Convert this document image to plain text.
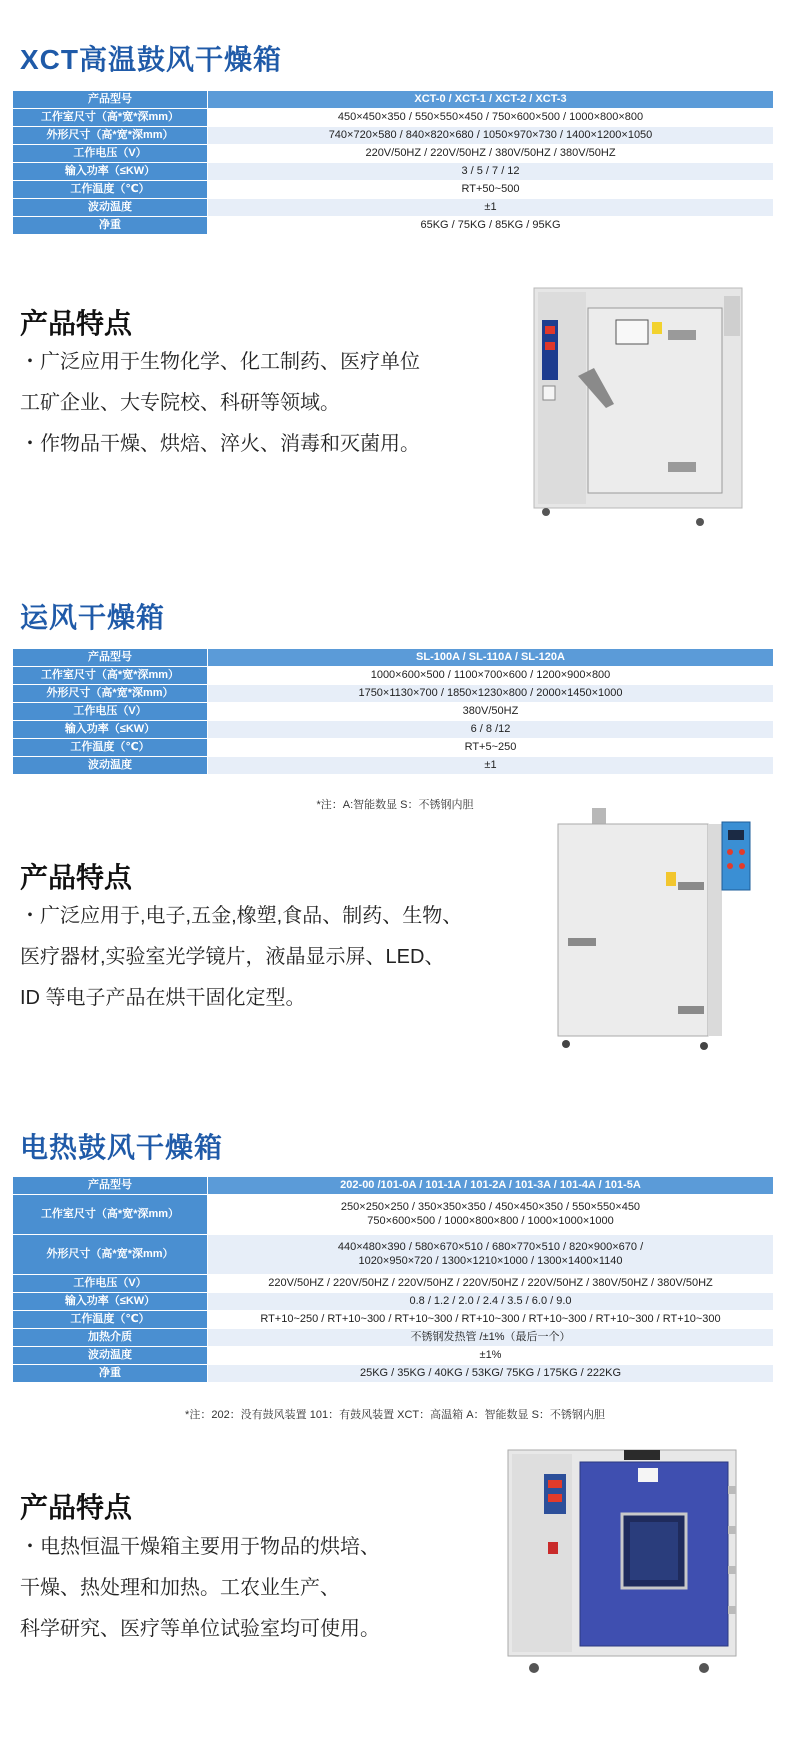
XCT高温鼓风干燥箱
产品型号	XCT-0 / XCT-1 / XCT-2 / XCT-3
工作室尺寸（高*宽*深mm）	450×450×350 / 550×550×450 / 750×600×500 / 1000×800×800
外形尺寸（高*宽*深mm）	740×720×580 / 840×820×680 / 1050×970×730 / 1400×1200×1050
工作电压（V）	220V/50HZ / 220V/50HZ / 380V/50HZ / 380V/50HZ
输入功率（≤KW）	3 / 5 / 7 / 12
工作温度（℃）	RT+50~500
波动温度	±1
净重	65KG / 75KG / 85KG / 95KG
产品特点
・广泛应用于生物化学、化工制药、医疗单位
工矿企业、大专院校、科研等领域。
・作物品干燥、烘焙、淬火、消毒和灭菌用。
运风干燥箱
产品型号	SL-100A / SL-110A / SL-120A
工作室尺寸（高*宽*深mm）	1000×600×500 / 1100×700×600 / 1200×900×800
外形尺寸（高*宽*深mm）	1750×1130×700 / 1850×1230×800 / 2000×1450×1000
工作电压（V）	380V/50HZ
输入功率（≤KW）	6 / 8 /12
工作温度（℃）	RT+5~250
波动温度	±1
*注：A:智能数显 S：不锈钢内胆
产品特点
・广泛应用于,电子,五金,橡塑,食品、制药、生物、
医疗器材,实验室光学镜片，液晶显示屏、LED、
ID 等电子产品在烘干固化定型。
电热鼓风干燥箱
产品型号	202-00 /101-0A / 101-1A / 101-2A / 101-3A / 101-4A / 101-5A
工作室尺寸（高*宽*深mm）	250×250×250 / 350×350×350 / 450×450×350 / 550×550×450
750×600×500 / 1000×800×800 / 1000×1000×1000
外形尺寸（高*宽*深mm）	440×480×390 / 580×670×510 / 680×770×510 / 820×900×670 /
1020×950×720 / 1300×1210×1000 / 1300×1400×1140
工作电压（V）	220V/50HZ / 220V/50HZ / 220V/50HZ / 220V/50HZ / 220V/50HZ / 380V/50HZ / 380V/50HZ
输入功率（≤KW）	0.8 / 1.2 / 2.0 / 2.4 / 3.5 / 6.0 / 9.0
工作温度（℃）	RT+10~250 / RT+10~300 / RT+10~300 / RT+10~300 / RT+10~300 / RT+10~300 / RT+10~300
加热介质	不锈钢发热管 /±1%（最后一个）
波动温度	±1%
净重	25KG / 35KG / 40KG / 53KG/ 75KG / 175KG / 222KG
*注：202：没有鼓风装置 101：有鼓风装置 XCT：高温箱 A：智能数显 S：不锈钢内胆
产品特点
・电热恒温干燥箱主要用于物品的烘培、
干燥、热处理和加热。工农业生产、
科学研究、医疗等单位试验室均可使用。
